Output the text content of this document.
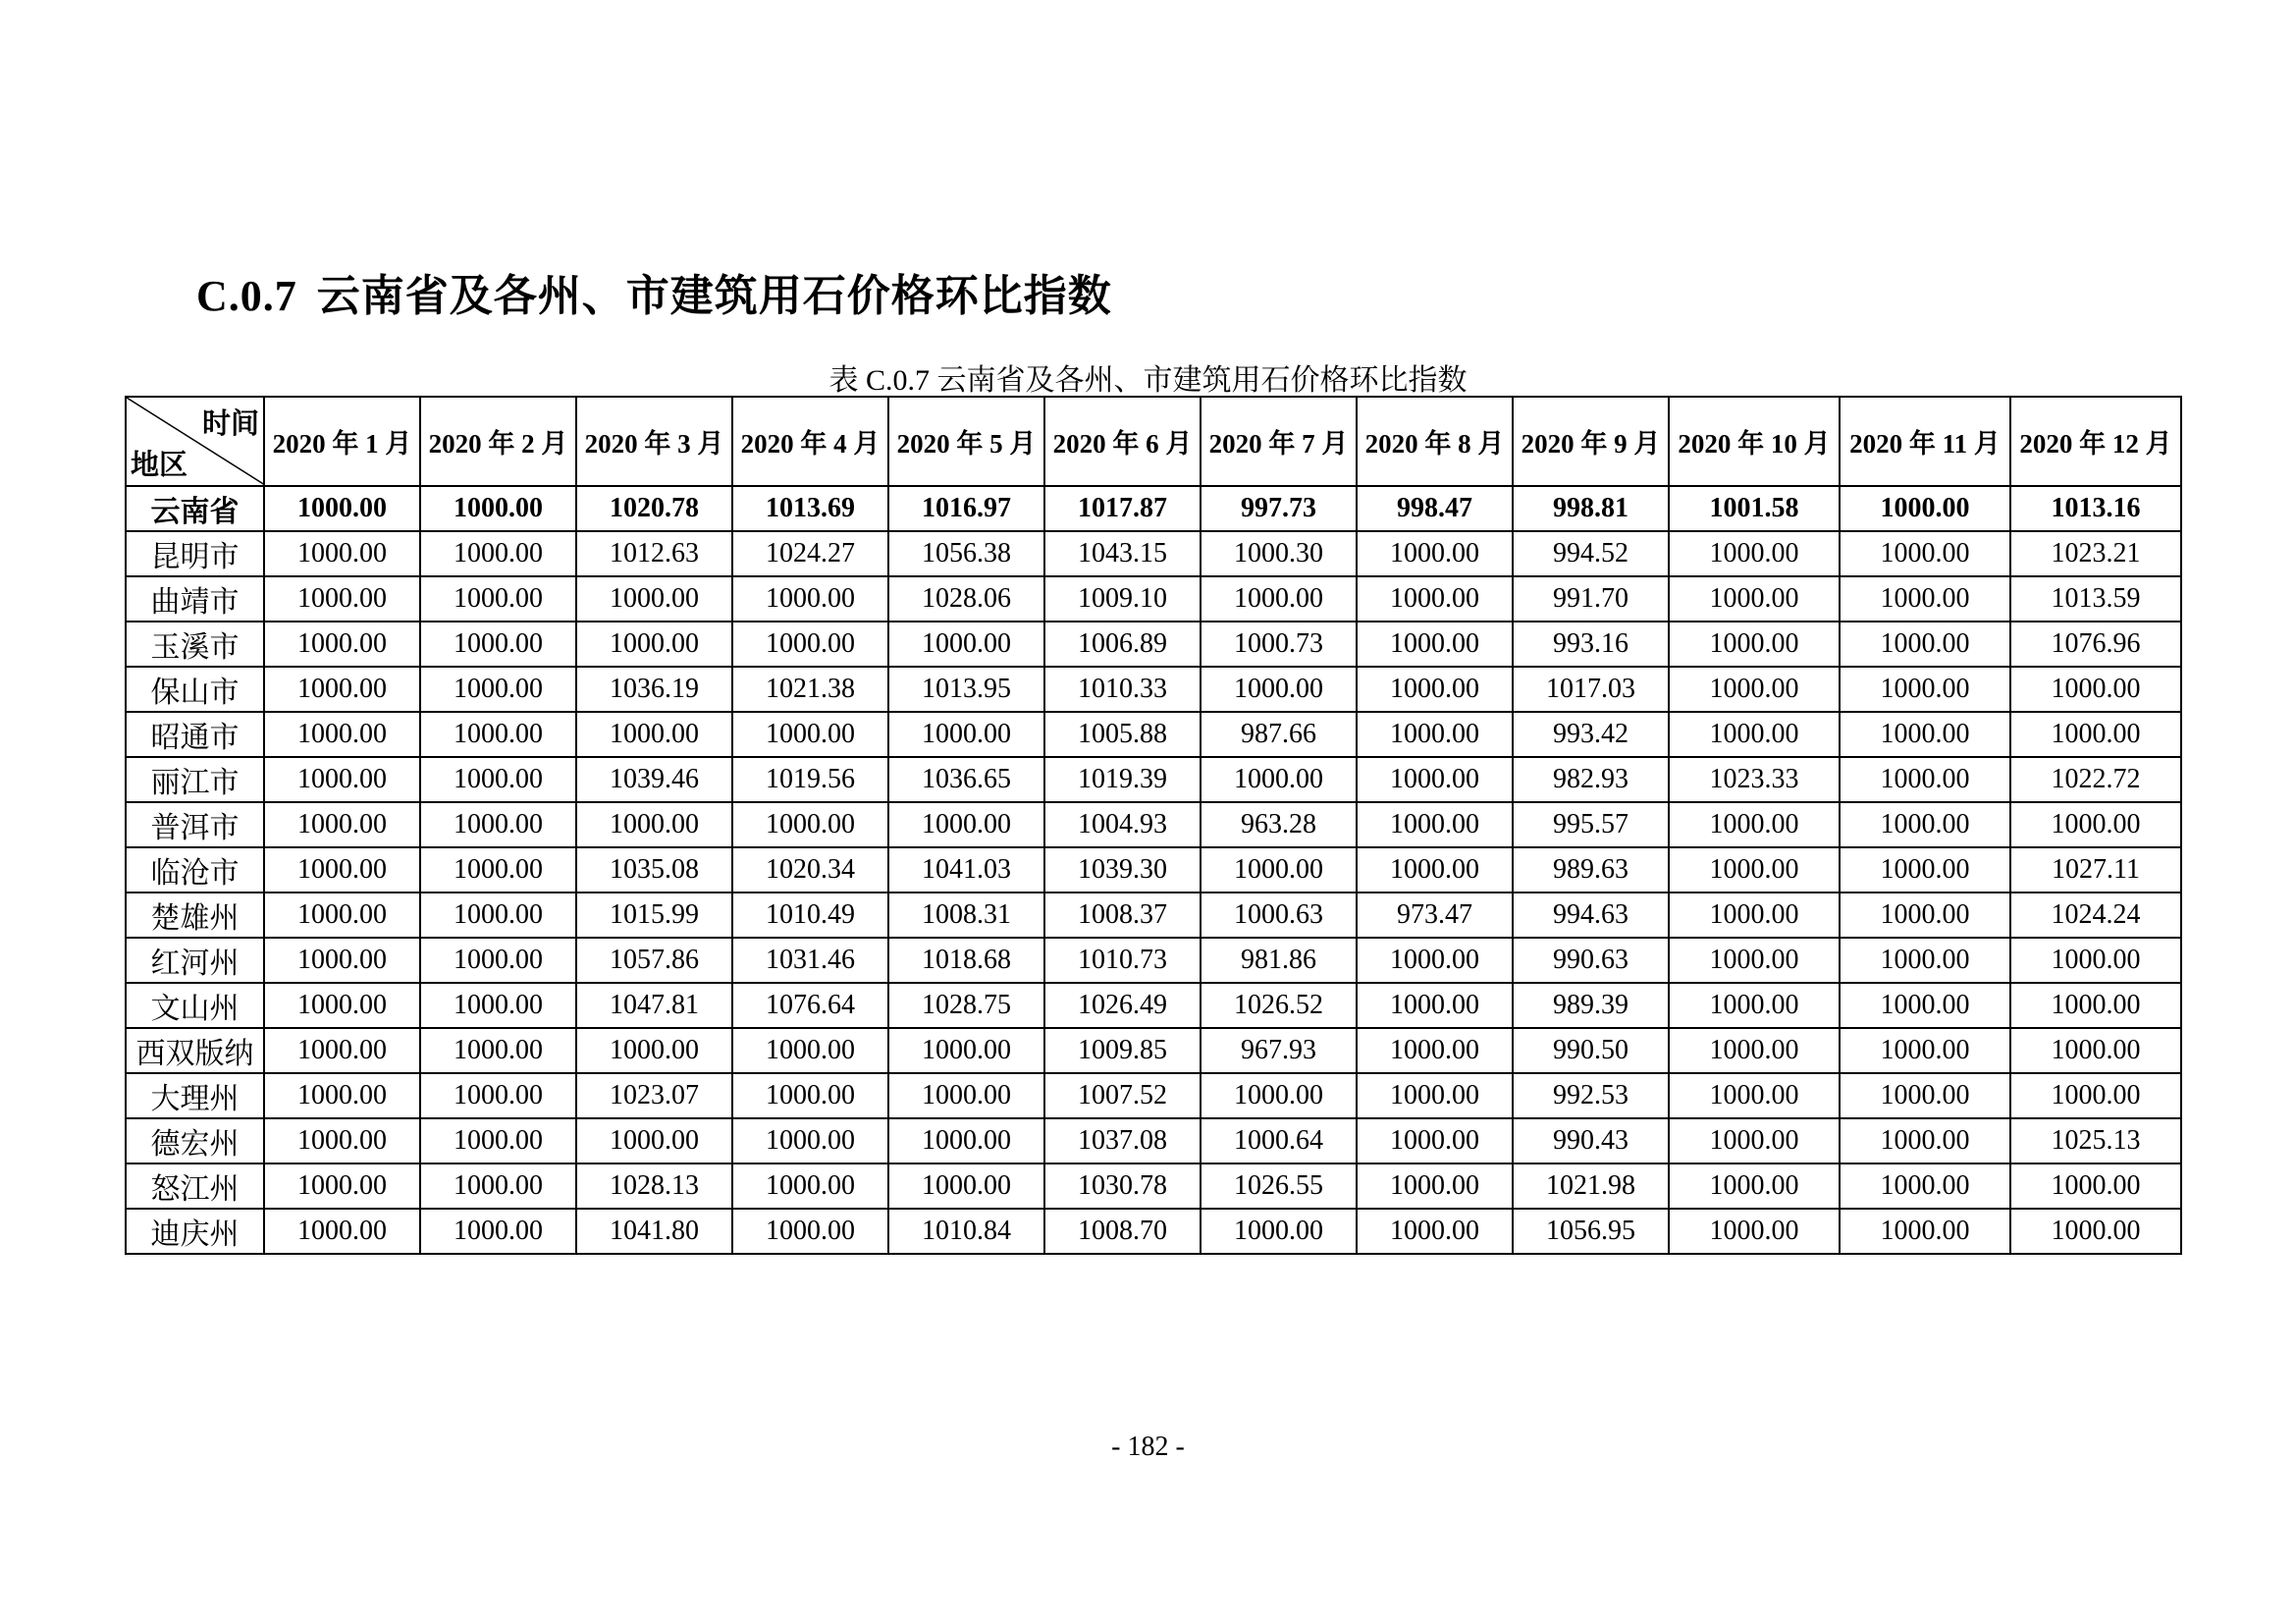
C.0.7 云南省及各州、市建筑用石价格环比指数
表 C.0.7 云南省及各州、市建筑用石价格环比指数
时间
地区	2020 年 1 月	2020 年 2 月	2020 年 3 月	2020 年 4 月	2020 年 5 月	2020 年 6 月	2020 年 7 月	2020 年 8 月	2020 年 9 月	2020 年 10 月	2020 年 11 月	2020 年 12 月
云南省	1000.00	1000.00	1020.78	1013.69	1016.97	1017.87	997.73	998.47	998.81	1001.58	1000.00	1013.16
昆明市	1000.00	1000.00	1012.63	1024.27	1056.38	1043.15	1000.30	1000.00	994.52	1000.00	1000.00	1023.21
曲靖市	1000.00	1000.00	1000.00	1000.00	1028.06	1009.10	1000.00	1000.00	991.70	1000.00	1000.00	1013.59
玉溪市	1000.00	1000.00	1000.00	1000.00	1000.00	1006.89	1000.73	1000.00	993.16	1000.00	1000.00	1076.96
保山市	1000.00	1000.00	1036.19	1021.38	1013.95	1010.33	1000.00	1000.00	1017.03	1000.00	1000.00	1000.00
昭通市	1000.00	1000.00	1000.00	1000.00	1000.00	1005.88	987.66	1000.00	993.42	1000.00	1000.00	1000.00
丽江市	1000.00	1000.00	1039.46	1019.56	1036.65	1019.39	1000.00	1000.00	982.93	1023.33	1000.00	1022.72
普洱市	1000.00	1000.00	1000.00	1000.00	1000.00	1004.93	963.28	1000.00	995.57	1000.00	1000.00	1000.00
临沧市	1000.00	1000.00	1035.08	1020.34	1041.03	1039.30	1000.00	1000.00	989.63	1000.00	1000.00	1027.11
楚雄州	1000.00	1000.00	1015.99	1010.49	1008.31	1008.37	1000.63	973.47	994.63	1000.00	1000.00	1024.24
红河州	1000.00	1000.00	1057.86	1031.46	1018.68	1010.73	981.86	1000.00	990.63	1000.00	1000.00	1000.00
文山州	1000.00	1000.00	1047.81	1076.64	1028.75	1026.49	1026.52	1000.00	989.39	1000.00	1000.00	1000.00
西双版纳	1000.00	1000.00	1000.00	1000.00	1000.00	1009.85	967.93	1000.00	990.50	1000.00	1000.00	1000.00
大理州	1000.00	1000.00	1023.07	1000.00	1000.00	1007.52	1000.00	1000.00	992.53	1000.00	1000.00	1000.00
德宏州	1000.00	1000.00	1000.00	1000.00	1000.00	1037.08	1000.64	1000.00	990.43	1000.00	1000.00	1025.13
怒江州	1000.00	1000.00	1028.13	1000.00	1000.00	1030.78	1026.55	1000.00	1021.98	1000.00	1000.00	1000.00
迪庆州	1000.00	1000.00	1041.80	1000.00	1010.84	1008.70	1000.00	1000.00	1056.95	1000.00	1000.00	1000.00
- 182 -
